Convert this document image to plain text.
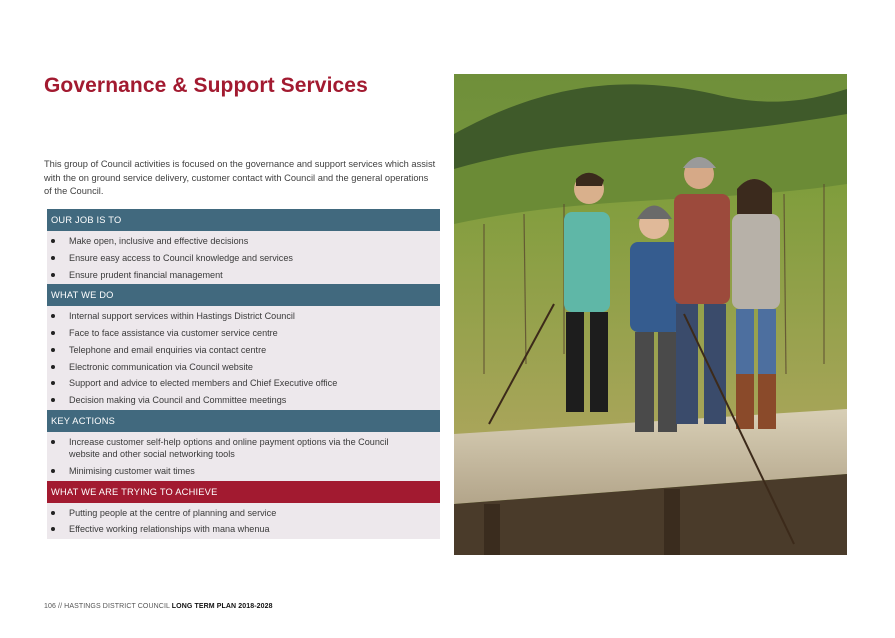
Governance & Support Services

This group of Council activities is focused on the governance and support services which assist with the on ground service delivery, customer contact with Council and the general operations of the Council.

OUR JOB IS TO
Make open, inclusive and effective decisions
Ensure easy access to Council knowledge and services
Ensure prudent financial management
WHAT WE DO
Internal support services within Hastings District Council
Face to face assistance via customer service centre
Telephone and email enquiries via contact centre
Electronic communication via Council website
Support and advice to elected members and Chief Executive office
Decision making via Council and Committee meetings
KEY ACTIONS
Increase customer self-help options and online payment options via the Council website and other social networking tools
Minimising customer wait times
WHAT WE ARE TRYING TO ACHIEVE
Putting people at the centre of planning and service
Effective working relationships with mana whenua
106 // HASTINGS DISTRICT COUNCIL LONG TERM PLAN 2018-2028
